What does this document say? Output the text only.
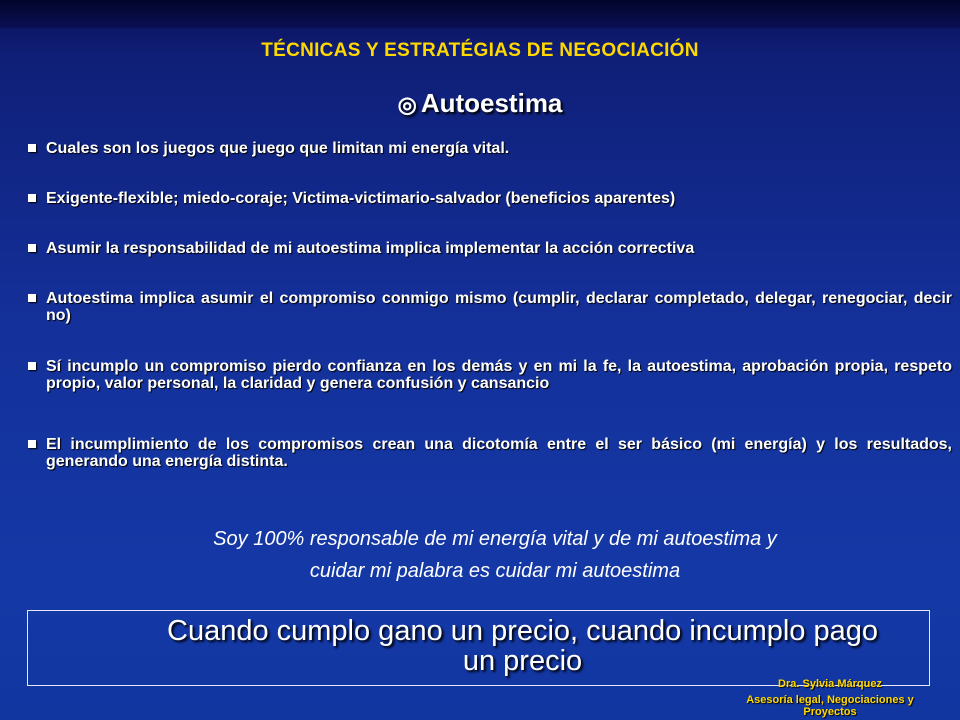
TÉCNICAS Y ESTRATÉGIAS DE NEGOCIACIÓN
◎ Autoestima
Cuales son los juegos que juego que limitan mi energía vital.
Exigente-flexible; miedo-coraje; Victima-victimario-salvador (beneficios aparentes)
Asumir la responsabilidad de mi autoestima implica implementar la acción correctiva
Autoestima implica asumir el compromiso conmigo mismo (cumplir, declarar completado, delegar, renegociar, decir no)
Sí incumplo un compromiso pierdo confianza en los demás y en mi la fe, la autoestima, aprobación propia, respeto propio, valor personal, la claridad y genera confusión y cansancio
El incumplimiento de los compromisos crean una dicotomía entre el ser básico (mi energía) y los resultados, generando una energía distinta.
Soy 100% responsable de mi energía vital y de mi autoestima y
cuidar mi palabra es cuidar mi autoestima
Cuando cumplo gano un precio, cuando incumplo pago
un precio
Dra. Sylvia Márquez
Asesoría legal, Negociaciones y Proyectos
